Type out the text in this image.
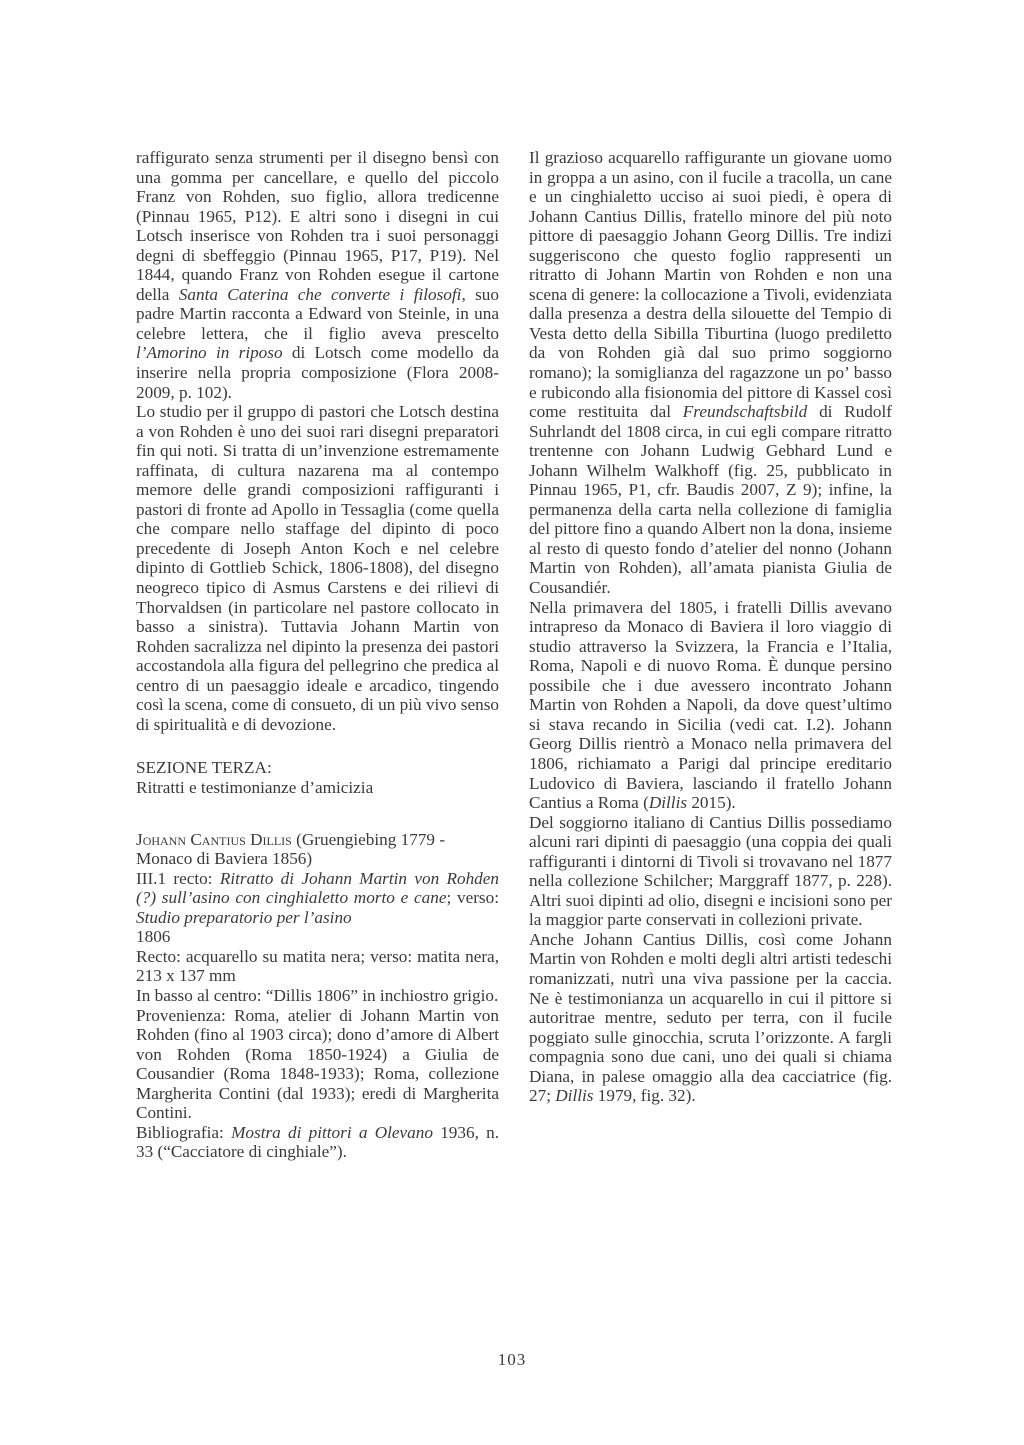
raffigurato senza strumenti per il disegno bensì con una gomma per cancellare, e quello del piccolo Franz von Rohden, suo figlio, allora tredicenne (Pinnau 1965, P12). E altri sono i disegni in cui Lotsch inserisce von Rohden tra i suoi personaggi degni di sbeffeggio (Pinnau 1965, P17, P19). Nel 1844, quando Franz von Rohden esegue il cartone della Santa Caterina che converte i filosofi, suo padre Martin racconta a Edward von Steinle, in una celebre lettera, che il figlio aveva prescelto l’Amorino in riposo di Lotsch come modello da inserire nella propria composizione (Flora 2008-2009, p. 102).

Lo studio per il gruppo di pastori che Lotsch destina a von Rohden è uno dei suoi rari disegni preparatori fin qui noti. Si tratta di un’invenzione estremamente raffinata, di cultura nazarena ma al contempo memore delle grandi composizioni raffiguranti i pastori di fronte ad Apollo in Tessaglia (come quella che compare nello staffage del dipinto di poco precedente di Joseph Anton Koch e nel celebre dipinto di Gottlieb Schick, 1806-1808), del disegno neogreco tipico di Asmus Carstens e dei rilievi di Thorvaldsen (in particolare nel pastore collocato in basso a sinistra). Tuttavia Johann Martin von Rohden sacralizza nel dipinto la presenza dei pastori accostandola alla figura del pellegrino che predica al centro di un paesaggio ideale e arcadico, tingendo così la scena, come di consueto, di un più vivo senso di spiritualità e di devozione.

SEZIONE TERZA:

Ritratti e testimonianze d’amicizia

Johann Cantius Dillis (Gruengiebing 1779 - Monaco di Baviera 1856)

III.1 recto: Ritratto di Johann Martin von Rohden (?) sull’asino con cinghialetto morto e cane; verso: Studio preparatorio per l’asino

1806

Recto: acquarello su matita nera; verso: matita nera, 213 x 137 mm

In basso al centro: “Dillis 1806” in inchiostro grigio.

Provenienza: Roma, atelier di Johann Martin von Rohden (fino al 1903 circa); dono d’amore di Albert von Rohden (Roma 1850-1924) a Giulia de Cousandier (Roma 1848-1933); Roma, collezione Margherita Contini (dal 1933); eredi di Margherita Contini.

Bibliografia: Mostra di pittori a Olevano 1936, n. 33 (“Cacciatore di cinghiale”).

Il grazioso acquarello raffigurante un giovane uomo in groppa a un asino, con il fucile a tracolla, un cane e un cinghialetto ucciso ai suoi piedi, è opera di Johann Cantius Dillis, fratello minore del più noto pittore di paesaggio Johann Georg Dillis. Tre indizi suggeriscono che questo foglio rappresenti un ritratto di Johann Martin von Rohden e non una scena di genere: la collocazione a Tivoli, evidenziata dalla presenza a destra della silouette del Tempio di Vesta detto della Sibilla Tiburtina (luogo prediletto da von Rohden già dal suo primo soggiorno romano); la somiglianza del ragazzone un po’ basso e rubicondo alla fisionomia del pittore di Kassel così come restituita dal Freundschaftsbild di Rudolf Suhrlandt del 1808 circa, in cui egli compare ritratto trentenne con Johann Ludwig Gebhard Lund e Johann Wilhelm Walkhoff (fig. 25, pubblicato in Pinnau 1965, P1, cfr. Baudis 2007, Z 9); infine, la permanenza della carta nella collezione di famiglia del pittore fino a quando Albert non la dona, insieme al resto di questo fondo d’atelier del nonno (Johann Martin von Rohden), all’amata pianista Giulia de Cousandiér.

Nella primavera del 1805, i fratelli Dillis avevano intrapreso da Monaco di Baviera il loro viaggio di studio attraverso la Svizzera, la Francia e l’Italia, Roma, Napoli e di nuovo Roma. È dunque persino possibile che i due avessero incontrato Johann Martin von Rohden a Napoli, da dove quest’ultimo si stava recando in Sicilia (vedi cat. I.2). Johann Georg Dillis rientrò a Monaco nella primavera del 1806, richiamato a Parigi dal principe ereditario Ludovico di Baviera, lasciando il fratello Johann Cantius a Roma (Dillis 2015).

Del soggiorno italiano di Cantius Dillis possediamo alcuni rari dipinti di paesaggio (una coppia dei quali raffiguranti i dintorni di Tivoli si trovavano nel 1877 nella collezione Schilcher; Marggraff 1877, p. 228). Altri suoi dipinti ad olio, disegni e incisioni sono per la maggior parte conservati in collezioni private.

Anche Johann Cantius Dillis, così come Johann Martin von Rohden e molti degli altri artisti tedeschi romanizzati, nutrì una viva passione per la caccia. Ne è testimonianza un acquarello in cui il pittore si autoritrae mentre, seduto per terra, con il fucile poggiato sulle ginocchia, scruta l’orizzonte. A fargli compagnia sono due cani, uno dei quali si chiama Diana, in palese omaggio alla dea cacciatrice (fig. 27; Dillis 1979, fig. 32).

103
